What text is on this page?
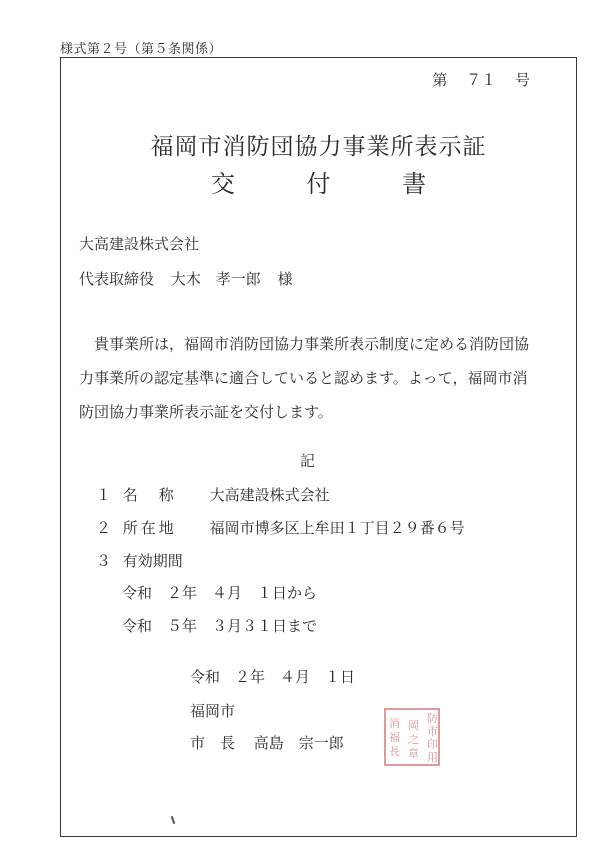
様式第２号（第５条関係）
第 ７１ 号
福岡市消防団協力事業所表示証
交	付	書
大高建設株式会社
代表取締役 大木　孝一郎 様
貴事業所は，福岡市消防団協力事業所表示制度に定める消防団協力事業所の認定基準に適合していると認めます。よって，福岡市消防団協力事業所表示証を交付します。
記
１ 名　称 大高建設株式会社
２ 所在地 福岡市博多区上牟田１丁目２９番６号
３ 有効期間
令和　２年　４月　１日から
令和　５年　３月３１日まで
令和　２年　４月　１日
福岡市
市　長 高島　宗一郎
防
市
印
用
消
福
長
岡
之
章
